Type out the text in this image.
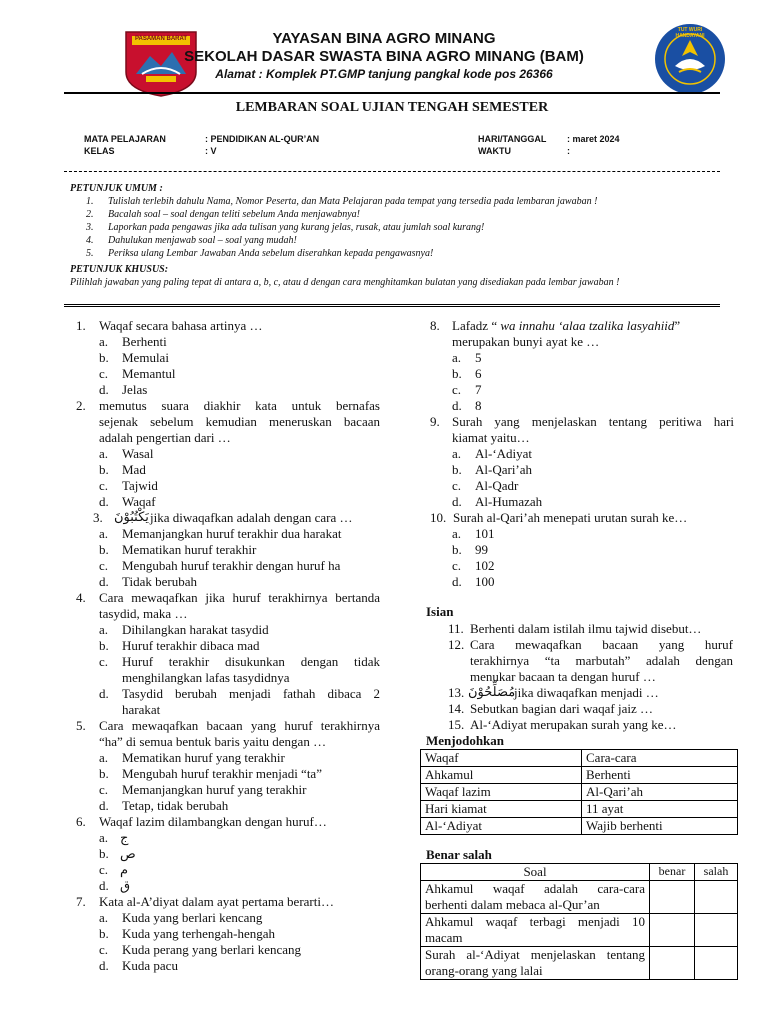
PASAMAN BARAT
TUT WURI HANDAYANI
YAYASAN BINA AGRO MINANG
SEKOLAH DASAR SWASTA BINA AGRO MINANG (BAM)
Alamat : Komplek PT.GMP tanjung pangkal kode pos 26366
LEMBARAN SOAL UJIAN TENGAH SEMESTER
MATA PELAJARAN	: PENDIDIKAN AL-QUR’AN
KELAS	: V
HARI/TANGGAL : maret 2024
WAKTU	:
PETUNJUK UMUM :
1. Tulislah terlebih dahulu Nama, Nomor Peserta, dan Mata Pelajaran pada tempat yang tersedia pada lembaran jawaban !
2. Bacalah soal – soal dengan teliti sebelum Anda menjawabnya!
3. Laporkan pada pengawas jika ada tulisan yang kurang jelas, rusak, atau jumlah soal kurang!
4. Dahulukan menjawab soal – soal yang mudah!
5. Periksa ulang Lembar Jawaban Anda sebelum diserahkan kepada pengawasnya!
PETUNJUK KHUSUS:
Pilihlah jawaban yang paling tepat di antara a, b, c, atau d dengan cara menghitamkan bulatan yang disediakan pada lembar jawaban !
1. Waqaf secara bahasa artinya …
a. Berhenti
b. Memulai
c. Memantul
d. Jelas
2. memutus suara diakhir kata untuk bernafas
sejenak sebelum kemudian meneruskan bacaan
adalah pengertian dari …
a. Wasal
b. Mad
c. Tajwid
d. Waqaf
3. يَكْتُبُوْنَ jika diwaqafkan adalah dengan cara …
a. Memanjangkan huruf terakhir dua harakat
b. Mematikan huruf terakhir
c. Mengubah huruf terakhir dengan huruf ha
d. Tidak berubah
4. Cara mewaqafkan jika huruf terakhirnya bertanda
tasydid, maka …
a. Dihilangkan harakat tasydid
b. Huruf terakhir dibaca mad
c. Huruf terakhir disukunkan dengan tidak
menghilangkan lafas tasydidnya
d. Tasydid berubah menjadi fathah dibaca 2
harakat
5. Cara mewaqafkan bacaan yang huruf terakhirnya
“ha” di semua bentuk baris yaitu dengan …
a. Mematikan huruf yang terakhir
b. Mengubah huruf terakhir menjadi “ta”
c. Memanjangkan huruf yang terakhir
d. Tetap, tidak berubah
6. Waqaf lazim dilambangkan dengan huruf…
a. ج
b. ص
c. م
d. ق
7. Kata al-A’diyat dalam ayat pertama berarti…
a. Kuda yang berlari kencang
b. Kuda yang terhengah-hengah
c. Kuda perang yang berlari kencang
d. Kuda pacu
8. Lafadz “ wa innahu ‘alaa tzalika lasyahiid”
merupakan bunyi ayat ke …
a. 5
b. 6
c. 7
d. 8
9. Surah yang menjelaskan tentang peritiwa hari
kiamat yaitu…
a. Al-‘Adiyat
b. Al-Qari’ah
c. Al-Qadr
d. Al-Humazah
10. Surah al-Qari’ah menepati urutan surah ke…
a. 101
b. 99
c. 102
d. 100
Isian
11. Berhenti dalam istilah ilmu tajwid disebut…
12. Cara mewaqafkan bacaan yang huruf
terakhirnya “ta marbutah” adalah dengan
menukar bacaan ta dengan huruf …
13. مُصَلِّحُوْنَ
jika diwaqafkan menjadi …
14. Sebutkan bagian dari waqaf jaiz …
15. Al-‘Adiyat merupakan surah yang ke…
Menjodohkan
Waqaf	Cara-cara
Ahkamul	Berhenti
Waqaf lazim	Al-Qari’ah
Hari kiamat	11 ayat
Al-‘Adiyat	Wajib berhenti
Benar salah
Soal	benar	salah

Ahkamul waqaf adalah cara-cara
berhenti dalam mebaca al-Qur’an		

Ahkamul waqaf terbagi menjadi 10
macam		

Surah al-‘Adiyat menjelaskan tentang
orang-orang yang lalai		
